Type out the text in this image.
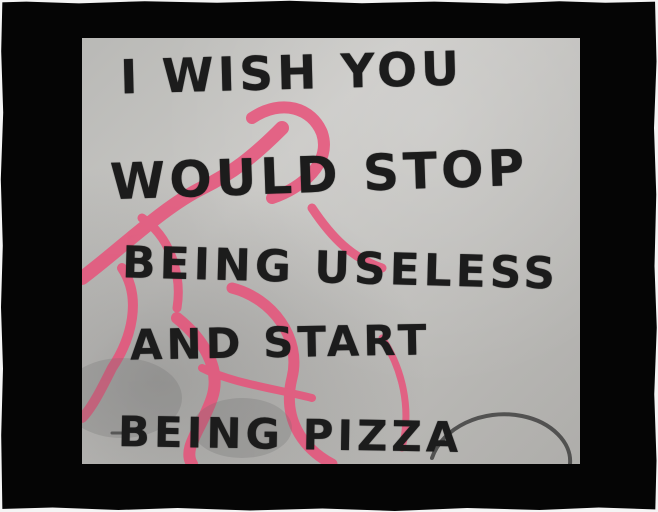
I WISH YOU
WOULD STOP
BEING USELESS
AND START
BEING PIZZA
